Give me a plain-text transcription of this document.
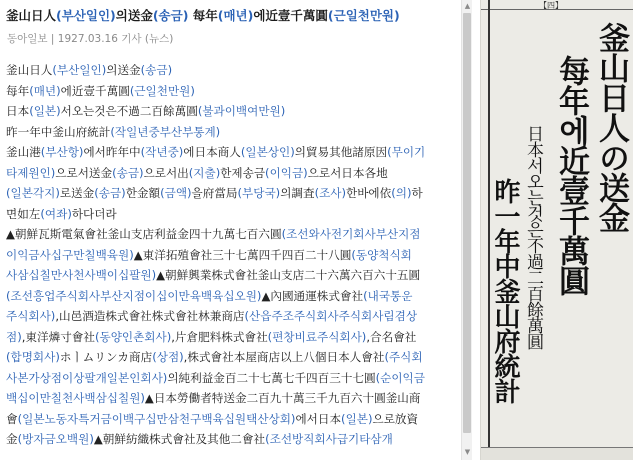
釜山日人(부산일인)의送金(송금) 每年(매년)에近壹千萬圓(근일천만원)
동아일보 | 1927.03.16 기사 (뉴스)
釜山日人(부산일인)의送金(송금)
每年(매년)에近壹千萬圓(근일천만원)
日本(일본)서오는것은不過二百餘萬圓(불과이백여만원)
昨一年中釜山府統計(작일년중부산부통계)
釜山港(부산항)에서昨年中(작년중)에日本商人(일본상인)의貿易其他諸原因(무이기
타제원인)으로서送金(송금)으로서出(지출)한제송금(이익금)으로서日本各地
(일본각지)로送金(송금)한金額(금액)을府當局(부당국)의調査(조사)한바에依(의)하
면如左(여좌)하다더라
▲朝鮮瓦斯電氣會社釜山支店利益金四十九萬七百六圓(조선와사전기회사부산지점
이익금사십구만칠백육원)▲東洋拓殖會社三十七萬四千四百二十八圓(동양척식회
사삼십칠만사천사백이십팔원)▲朝鮮興業株式會社釜山支店二十六萬六百六十五圓
(조선흥업주식회사부산지점이십이만육백육십오원)▲內國通運株式會社(내국통운
주식회사),山邑酒造株式會社株式會社林兼商店(산읍주조주식회사주식회사림겸상
점),東洋燐寸會社(동양인촌회사),片倉肥料株式會社(편창비료주식회사),合名會社
(합명회사)ホㅣムリンカ商店(상점),株式會社本屋商店以上八個日本人會社(주식회
사본가상점이상팔개일본인회사)의純利益金百二十七萬七千四百三十七圓(순이익금
백십이만칠천사백삼십칠원)▲日本勞働者特送金二百九十萬三千九百六十圓釜山商
會(일본노동자특거금이백구십만삼천구백육십원택산상회)에서日本(일본)으로放資
金(방자금오백원)▲朝鮮紡織株式會社及其他二會社(조선방직회사급기타삼개
▲
▼
【四】
釜山日人の送金
每年에近壹千萬圓
日本서오는것은不過二百餘萬圓
昨一年中釜山府統計
